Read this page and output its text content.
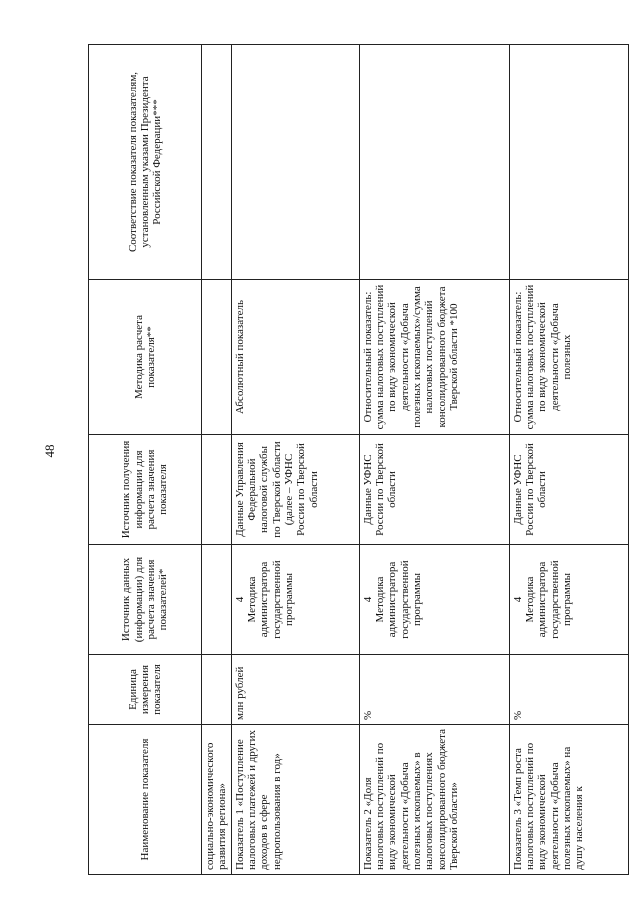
48
Наименование показателя	Единица измерения показателя	Источник данных (информации) для расчета значения показателей*	Источник получения информации для расчета значения показателя	Методика расчета показателя**	Соответствие показателя показателям, установленным указами Президента Российской Федерации***
социально-экономического развития региона»					
Показатель 1 «Поступление налоговых платежей и других доходов в сфере недропользования в год»	млн рублей	4 Методика администратора государственной программы	Данные Управления Федеральной налоговой службы по Тверской области (далее – УФНС России по Тверской области	Абсолютный показатель	
Показатель 2 «Доля налоговых поступлений по виду экономической деятельности «Добыча полезных ископаемых» в налоговых поступлениях консолидированного бюджета Тверской области»	%	4 Методика администратора государственной программы	Данные УФНС России по Тверской области	Относительный показатель: сумма налоговых поступлений по виду экономической деятельности «Добыча полезных ископаемых»/сумма налоговых поступлений консолидированного бюджета Тверской области *100	

Показатель 3 «Темп роста налоговых поступлений по виду экономической деятельности «Добыча полезных ископаемых» на душу населения к	%	4 Методика администратора государственной программы	Данные УФНС России по Тверской области	Относительный показатель: сумма налоговых поступлений по виду экономической деятельности «Добыча полезных	
